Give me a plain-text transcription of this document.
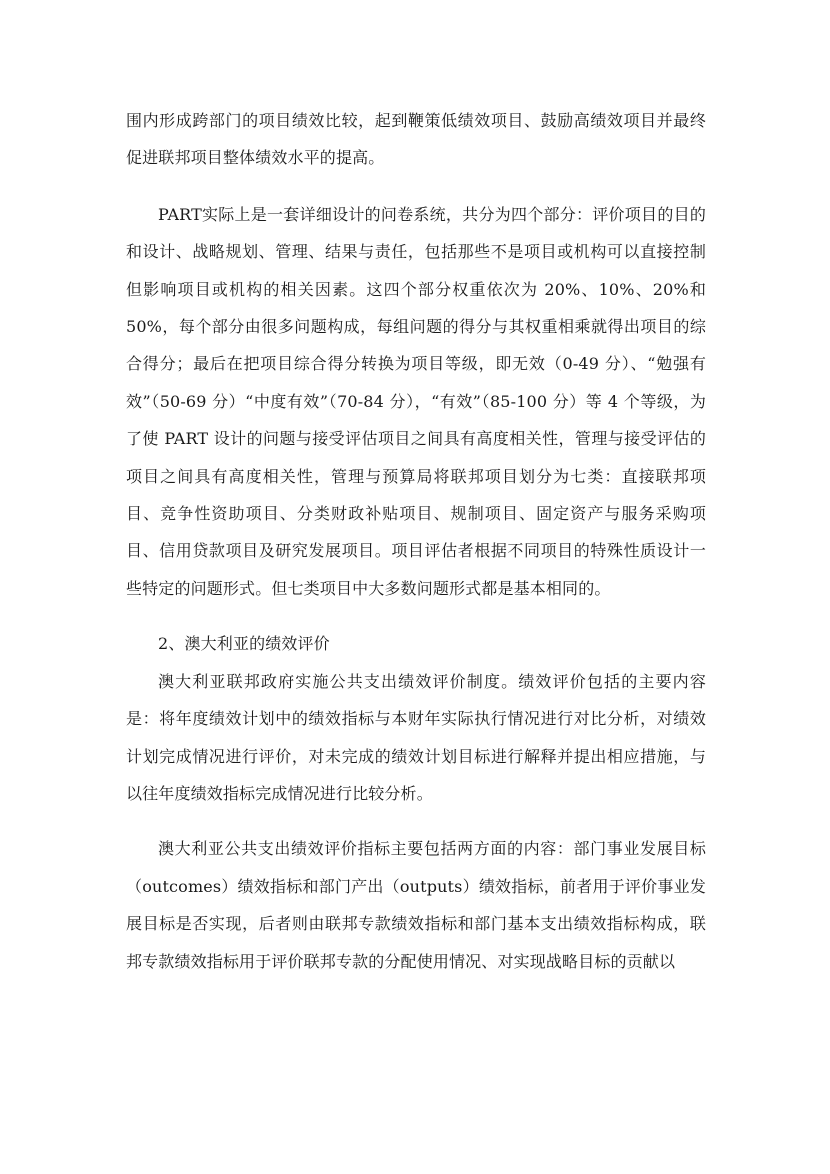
围内形成跨部门的项目绩效比较，起到鞭策低绩效项目、鼓励高绩效项目并最终促进联邦项目整体绩效水平的提高。

PART实际上是一套详细设计的问卷系统，共分为四个部分：评价项目的目的和设计、战略规划、管理、结果与责任，包括那些不是项目或机构可以直接控制但影响项目或机构的相关因素。这四个部分权重依次为 20%、10%、20%和 50%，每个部分由很多问题构成，每组问题的得分与其权重相乘就得出项目的综合得分；最后在把项目综合得分转换为项目等级，即无效（0-49 分）、“勉强有效”（50-69 分）“中度有效”（70-84 分），“有效”（85-100 分）等 4 个等级，为了使 PART 设计的问题与接受评估项目之间具有高度相关性，管理与接受评估的项目之间具有高度相关性，管理与预算局将联邦项目划分为七类：直接联邦项目、竞争性资助项目、分类财政补贴项目、规制项目、固定资产与服务采购项目、信用贷款项目及研究发展项目。项目评估者根据不同项目的特殊性质设计一些特定的问题形式。但七类项目中大多数问题形式都是基本相同的。

2、澳大利亚的绩效评价

澳大利亚联邦政府实施公共支出绩效评价制度。绩效评价包括的主要内容是：将年度绩效计划中的绩效指标与本财年实际执行情况进行对比分析，对绩效计划完成情况进行评价，对未完成的绩效计划目标进行解释并提出相应措施，与以往年度绩效指标完成情况进行比较分析。

澳大利亚公共支出绩效评价指标主要包括两方面的内容：部门事业发展目标（outcomes）绩效指标和部门产出（outputs）绩效指标，前者用于评价事业发展目标是否实现，后者则由联邦专款绩效指标和部门基本支出绩效指标构成，联邦专款绩效指标用于评价联邦专款的分配使用情况、对实现战略目标的贡献以
